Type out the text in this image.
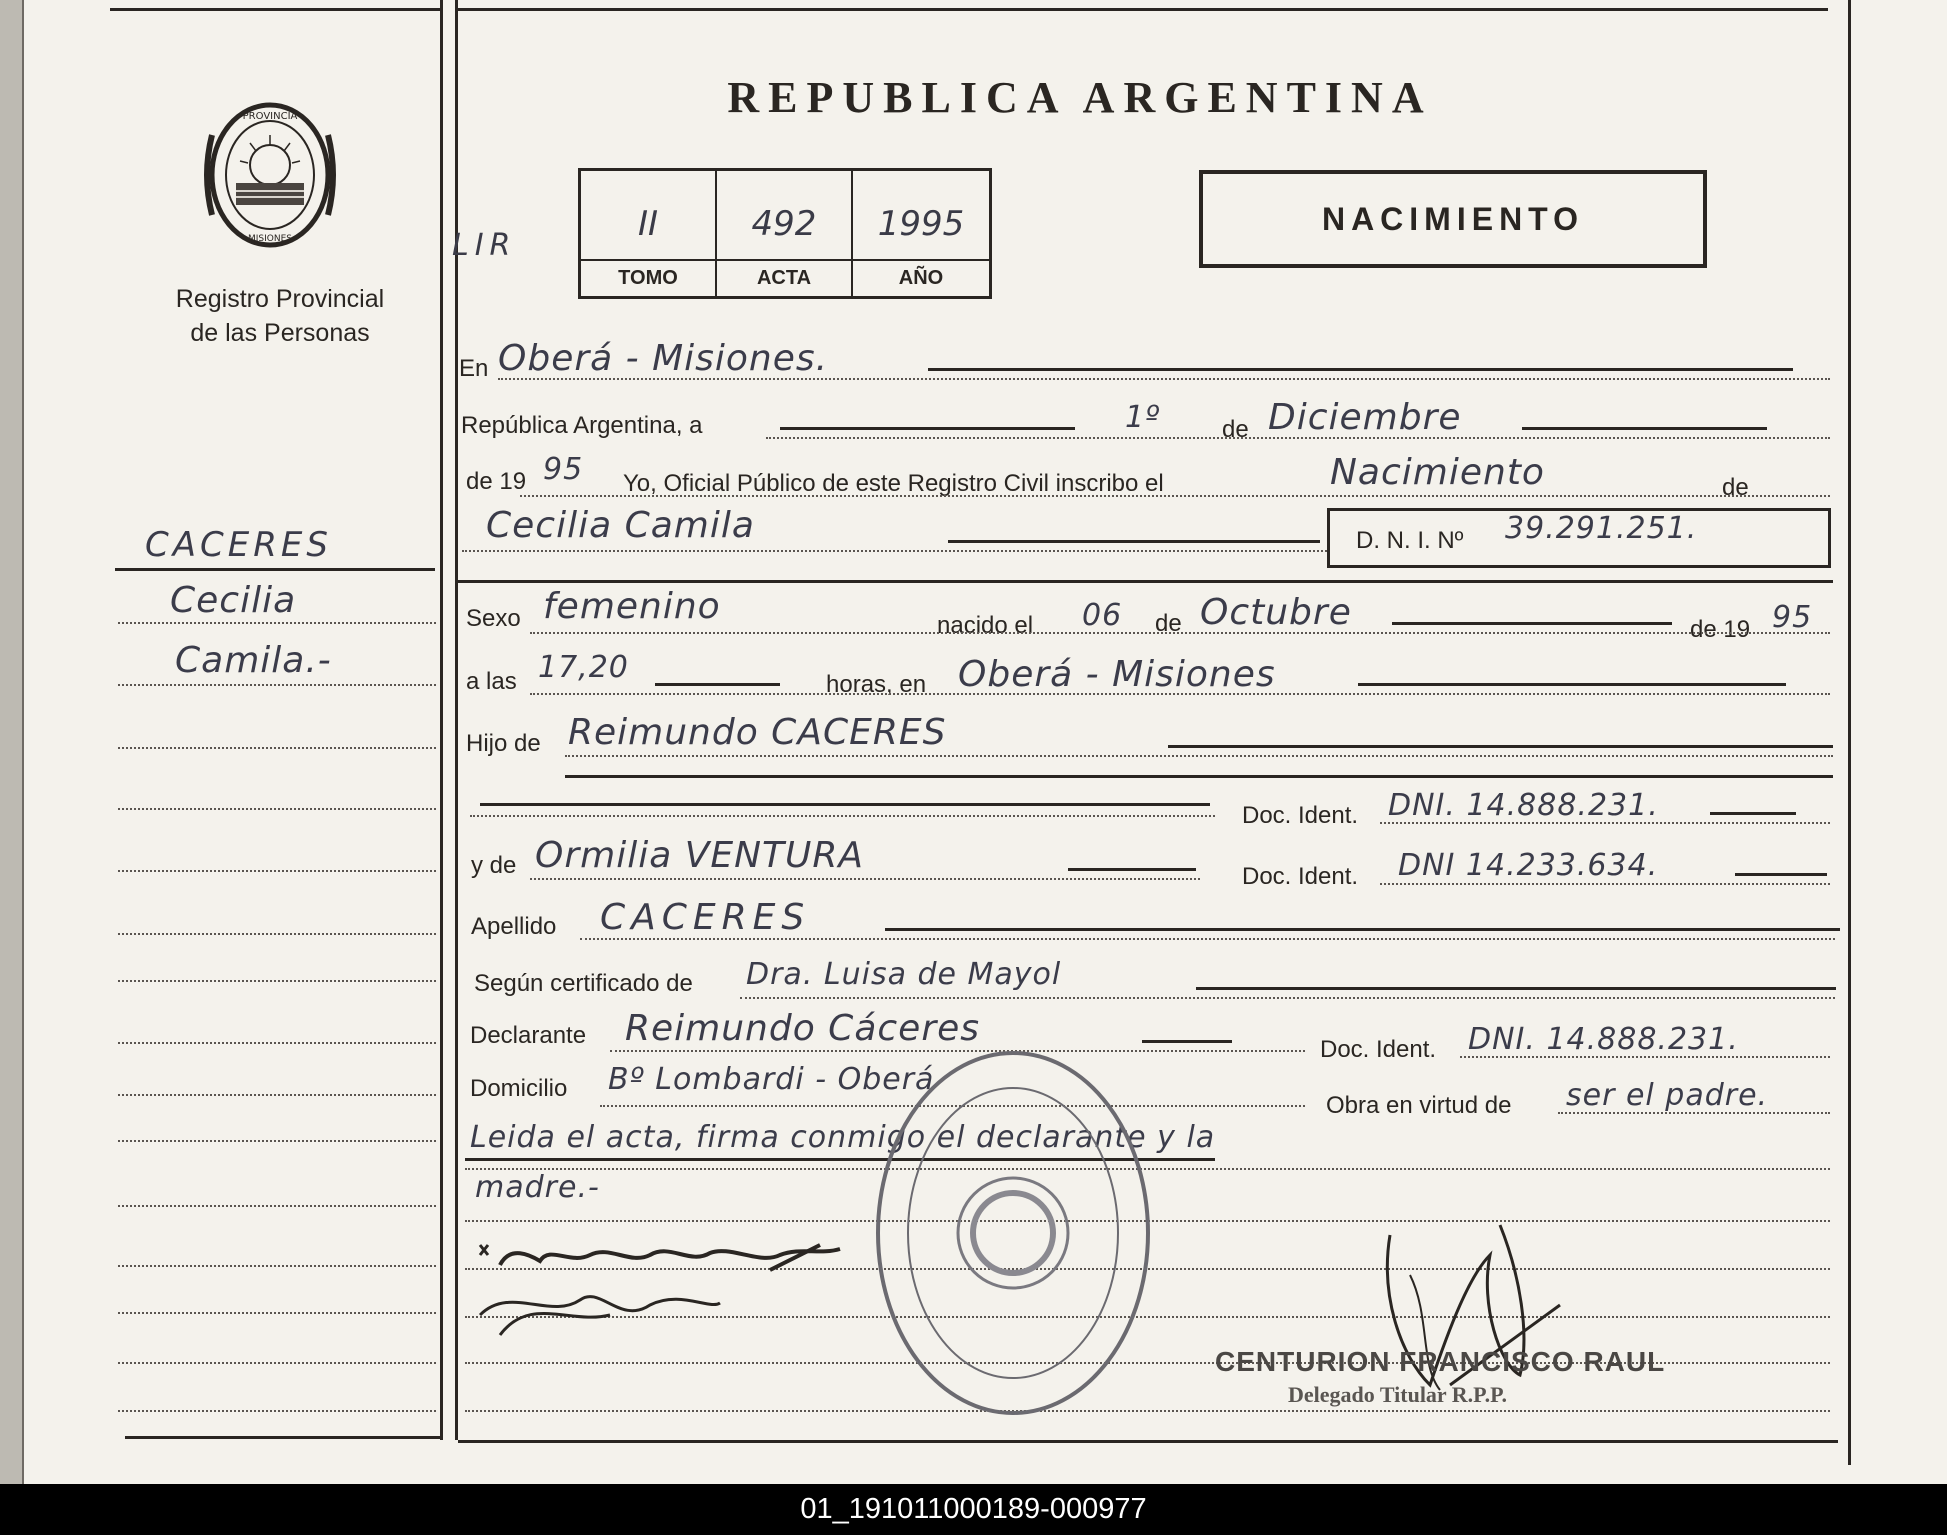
PROVINCIA
MISIONES
Registro Provincial
de las Personas
REPUBLICA ARGENTINA
LIR
II	492	1995
TOMO	ACTA	AÑO
NACIMIENTO
CACERES
Cecilia
Camila.-
En Oberá - Misiones.
República Argentina, a	1º	de Diciembre
de 19 95 Yo, Oficial Público de este Registro Civil inscribo el	Nacimiento	de
Cecilia Camila	D. N. I. Nº 39.291.251.
Sexo femenino	nacido el 06 de Octubre	de 19 95
a las 17,20	horas, en Oberá - Misiones
Hijo de Reimundo CACERES
Doc. Ident. DNI. 14.888.231.
y de Ormilia VENTURA
Doc. Ident. DNI 14.233.634.
Apellido CACERES
Según certificado de Dra. Luisa de Mayol
Declarante Reimundo Cáceres
Doc. Ident. DNI. 14.888.231.
Domicilio Bº Lombardi - Oberá
Obra en virtud de ser el padre.
Leida el acta, firma conmigo el declarante y la
madre.-
CENTURION FRANCISCO RAUL
Delegado Titular R.P.P.
01_191011000189-000977
